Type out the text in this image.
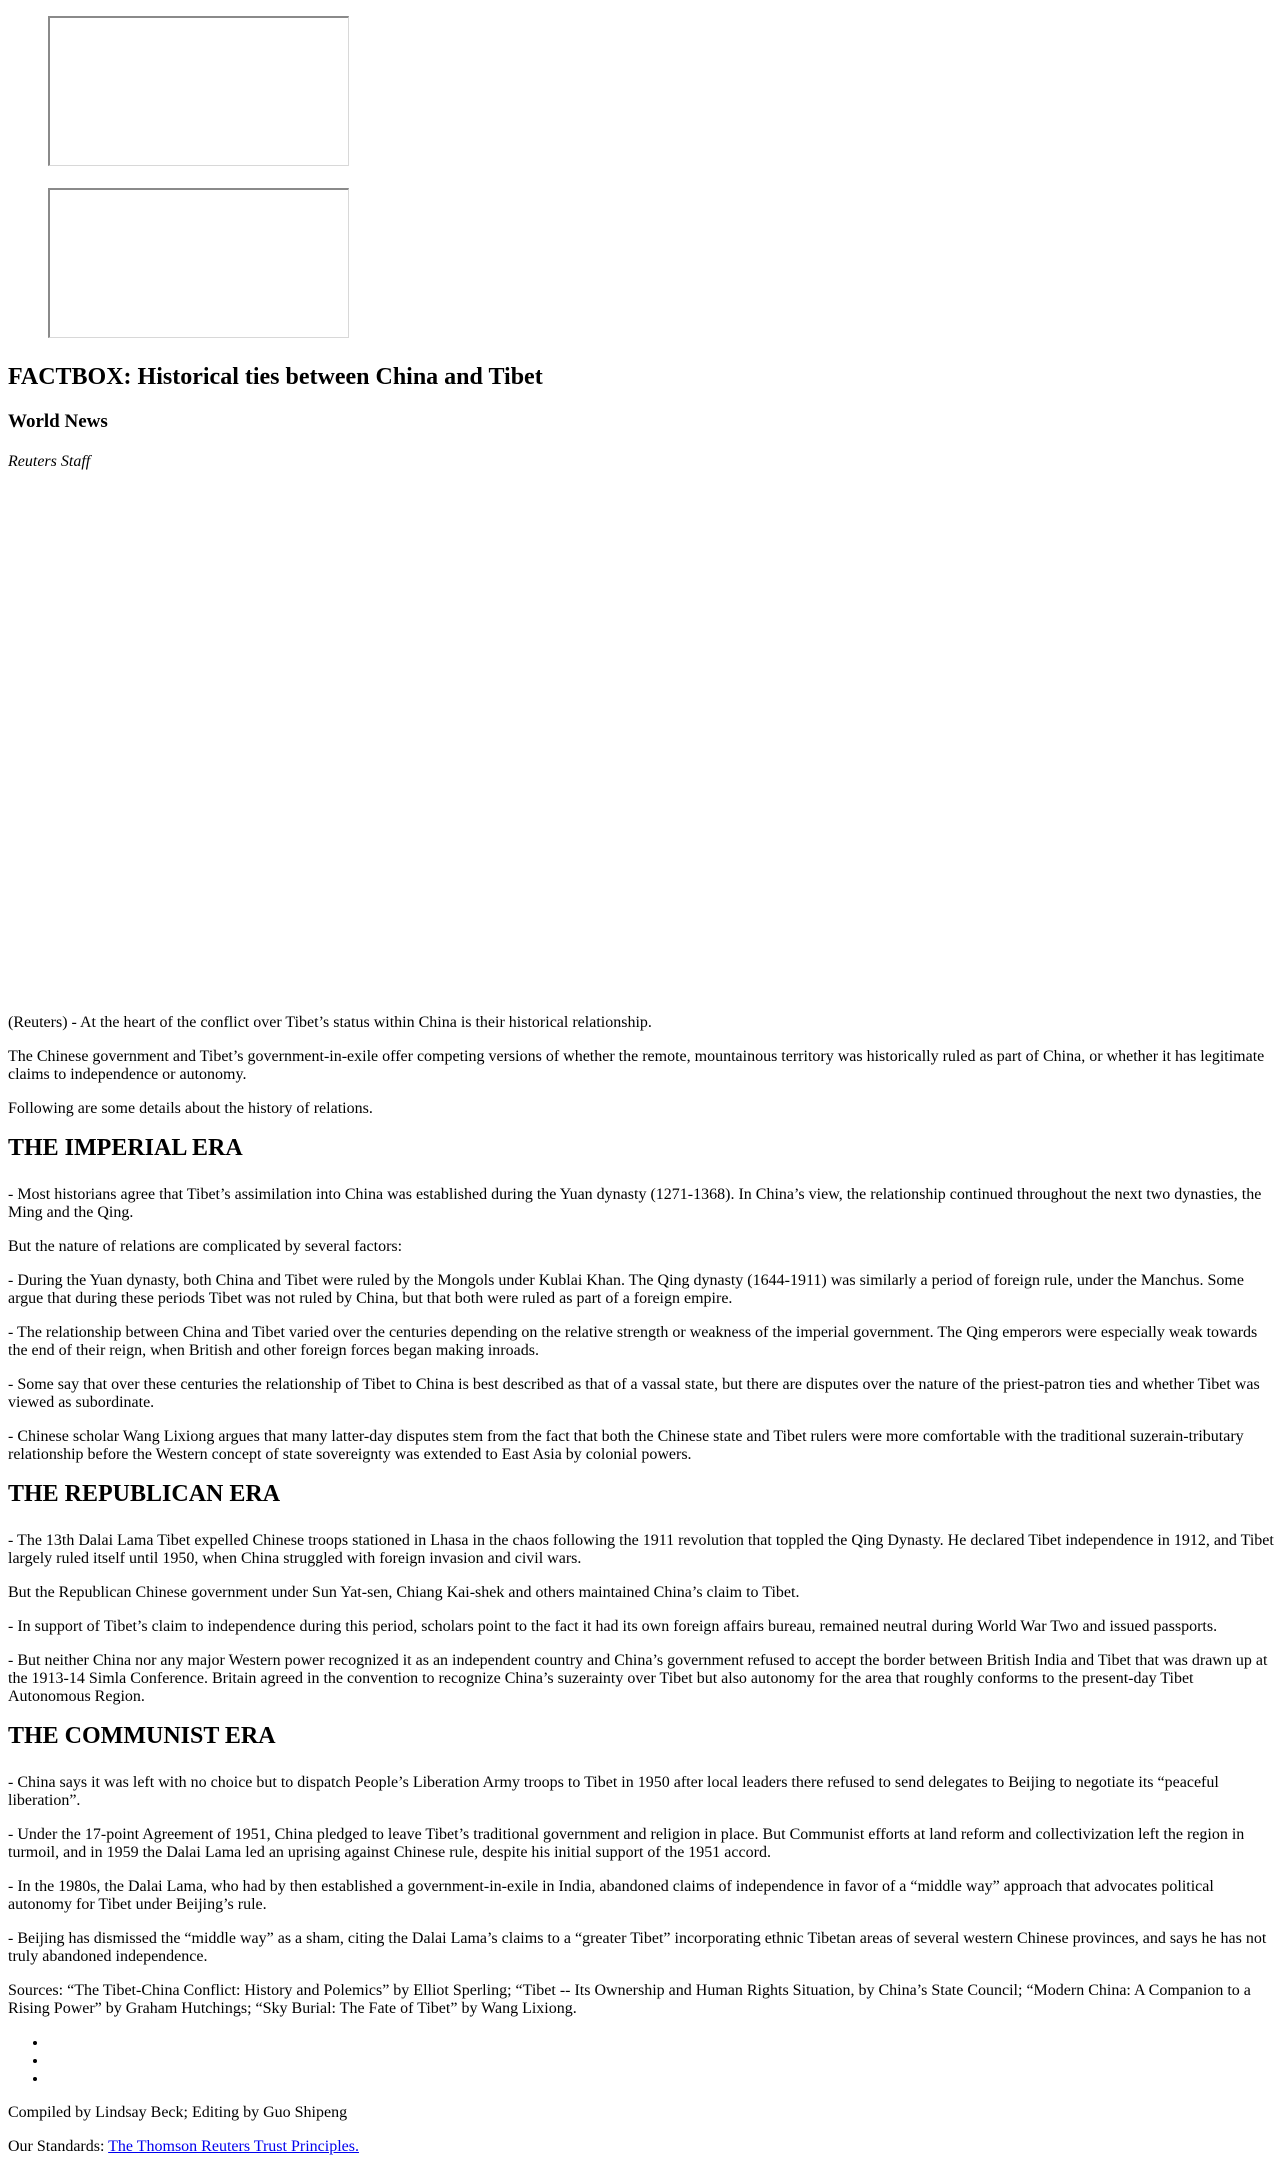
FACTBOX: Historical ties between China and Tibet
World News

Reuters Staff

(Reuters) - At the heart of the conflict over Tibet’s status within China is their historical relationship.

The Chinese government and Tibet’s government-in-exile offer competing versions of whether the remote, mountainous territory was historically ruled as part of China, or whether it has legitimate claims to independence or autonomy.

Following are some details about the history of relations.

THE IMPERIAL ERA

- Most historians agree that Tibet’s assimilation into China was established during the Yuan dynasty (1271-1368). In China’s view, the relationship continued throughout the next two dynasties, the Ming and the Qing.

But the nature of relations are complicated by several factors:

- During the Yuan dynasty, both China and Tibet were ruled by the Mongols under Kublai Khan. The Qing dynasty (1644-1911) was similarly a period of foreign rule, under the Manchus. Some argue that during these periods Tibet was not ruled by China, but that both were ruled as part of a foreign empire.

- The relationship between China and Tibet varied over the centuries depending on the relative strength or weakness of the imperial government. The Qing emperors were especially weak towards the end of their reign, when British and other foreign forces began making inroads.

- Some say that over these centuries the relationship of Tibet to China is best described as that of a vassal state, but there are disputes over the nature of the priest-patron ties and whether Tibet was viewed as subordinate.

- Chinese scholar Wang Lixiong argues that many latter-day disputes stem from the fact that both the Chinese state and Tibet rulers were more comfortable with the traditional suzerain-tributary relationship before the Western concept of state sovereignty was extended to East Asia by colonial powers.

THE REPUBLICAN ERA

- The 13th Dalai Lama Tibet expelled Chinese troops stationed in Lhasa in the chaos following the 1911 revolution that toppled the Qing Dynasty. He declared Tibet independence in 1912, and Tibet largely ruled itself until 1950, when China struggled with foreign invasion and civil wars.

But the Republican Chinese government under Sun Yat-sen, Chiang Kai-shek and others maintained China’s claim to Tibet.

- In support of Tibet’s claim to independence during this period, scholars point to the fact it had its own foreign affairs bureau, remained neutral during World War Two and issued passports.

- But neither China nor any major Western power recognized it as an independent country and China’s government refused to accept the border between British India and Tibet that was drawn up at the 1913-14 Simla Conference. Britain agreed in the convention to recognize China’s suzerainty over Tibet but also autonomy for the area that roughly conforms to the present-day Tibet Autonomous Region.

THE COMMUNIST ERA

- China says it was left with no choice but to dispatch People’s Liberation Army troops to Tibet in 1950 after local leaders there refused to send delegates to Beijing to negotiate its “peaceful liberation”.

- Under the 17-point Agreement of 1951, China pledged to leave Tibet’s traditional government and religion in place. But Communist efforts at land reform and collectivization left the region in turmoil, and in 1959 the Dalai Lama led an uprising against Chinese rule, despite his initial support of the 1951 accord.

- In the 1980s, the Dalai Lama, who had by then established a government-in-exile in India, abandoned claims of independence in favor of a “middle way” approach that advocates political autonomy for Tibet under Beijing’s rule.

- Beijing has dismissed the “middle way” as a sham, citing the Dalai Lama’s claims to a “greater Tibet” incorporating ethnic Tibetan areas of several western Chinese provinces, and says he has not truly abandoned independence.

Sources: “The Tibet-China Conflict: History and Polemics” by Elliot Sperling; “Tibet -- Its Ownership and Human Rights Situation, by China’s State Council; “Modern China: A Companion to a Rising Power” by Graham Hutchings; “Sky Burial: The Fate of Tibet” by Wang Lixiong.

•
•
•

Compiled by Lindsay Beck; Editing by Guo Shipeng

Our Standards: The Thomson Reuters Trust Principles.
